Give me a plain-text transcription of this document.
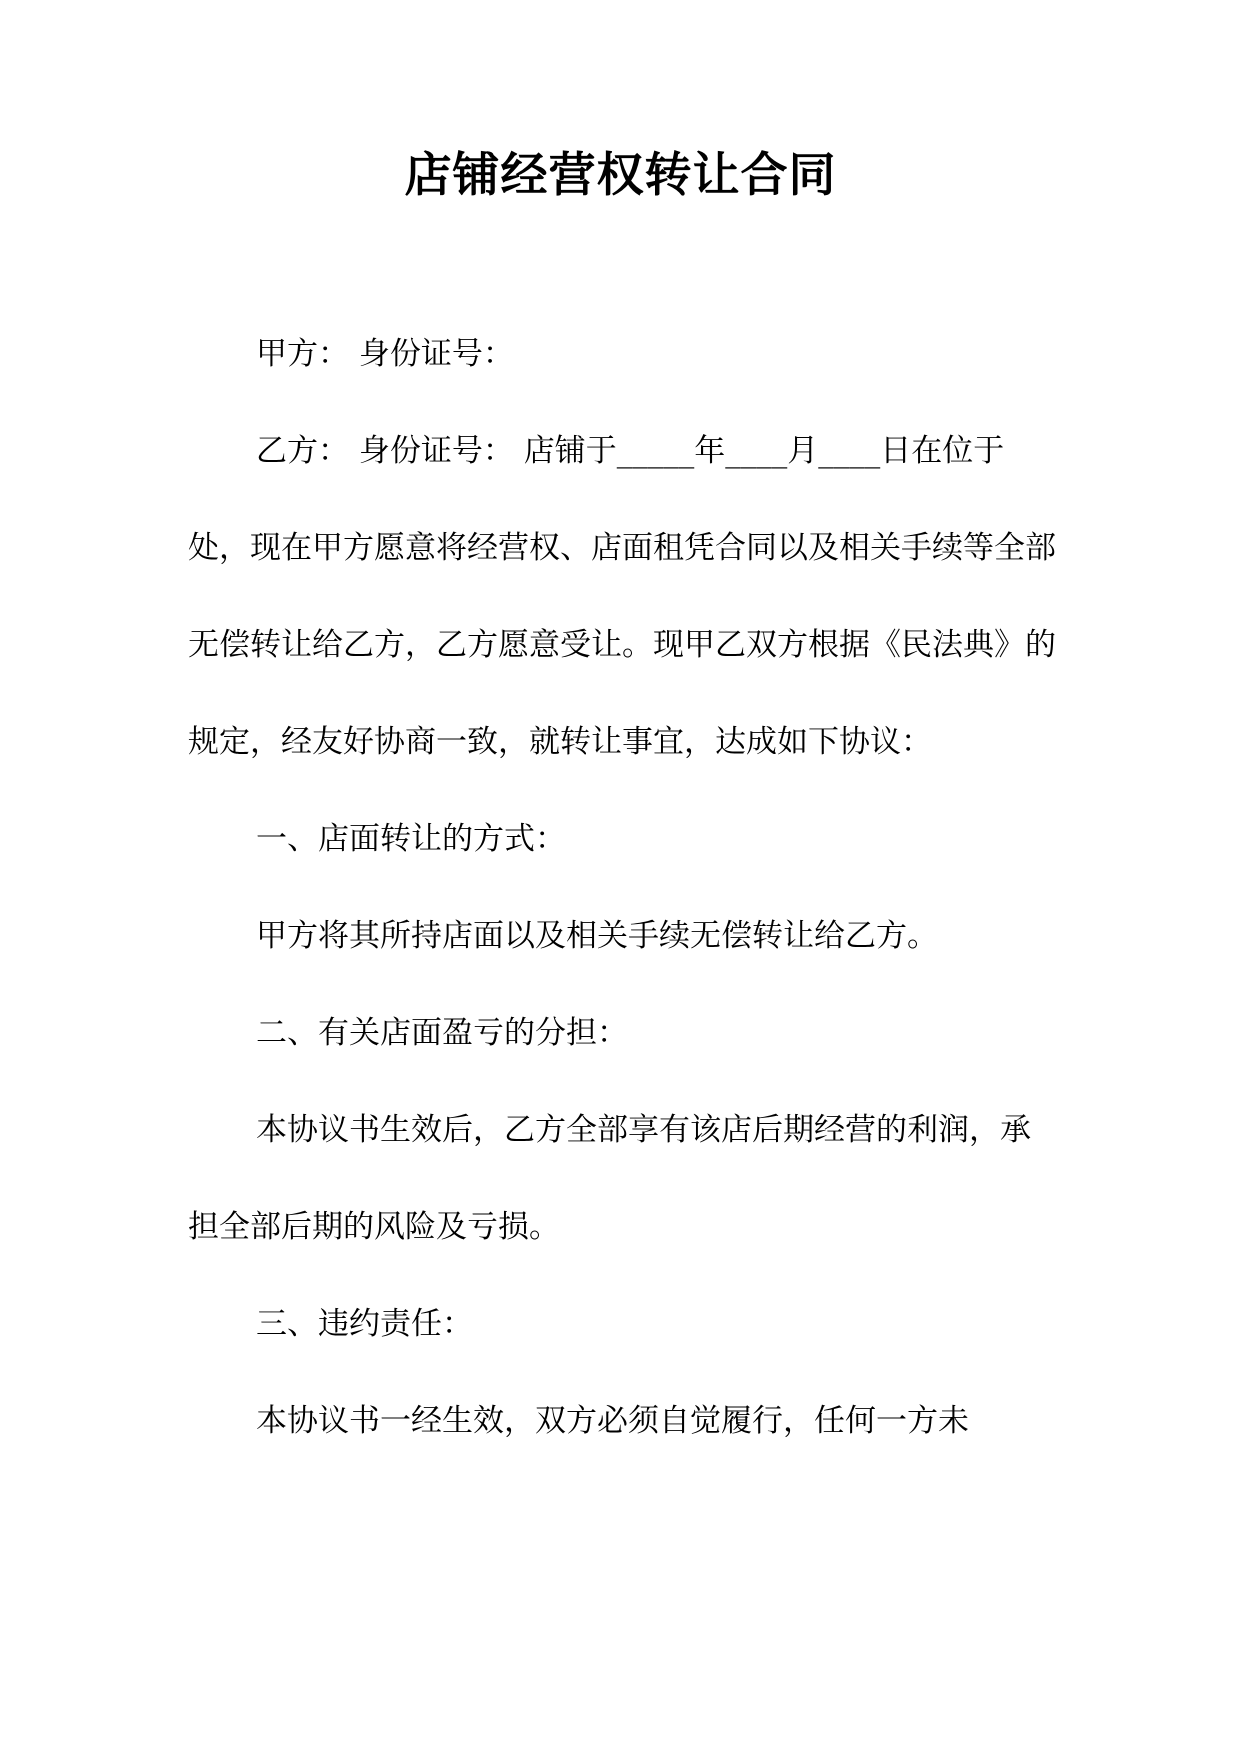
店铺经营权转让合同

甲方： 身份证号：

乙方： 身份证号： 店铺于_____年____月____日在位于 处，现在甲方愿意将经营权、店面租凭合同以及相关手续等全部无偿转让给乙方，乙方愿意受让。现甲乙双方根据《民法典》的规定，经友好协商一致，就转让事宜，达成如下协议：

一、店面转让的方式：

甲方将其所持店面以及相关手续无偿转让给乙方。

二、有关店面盈亏的分担：

本协议书生效后，乙方全部享有该店后期经营的利润，承担全部后期的风险及亏损。

三、违约责任：

本协议书一经生效，双方必须自觉履行，任何一方未
